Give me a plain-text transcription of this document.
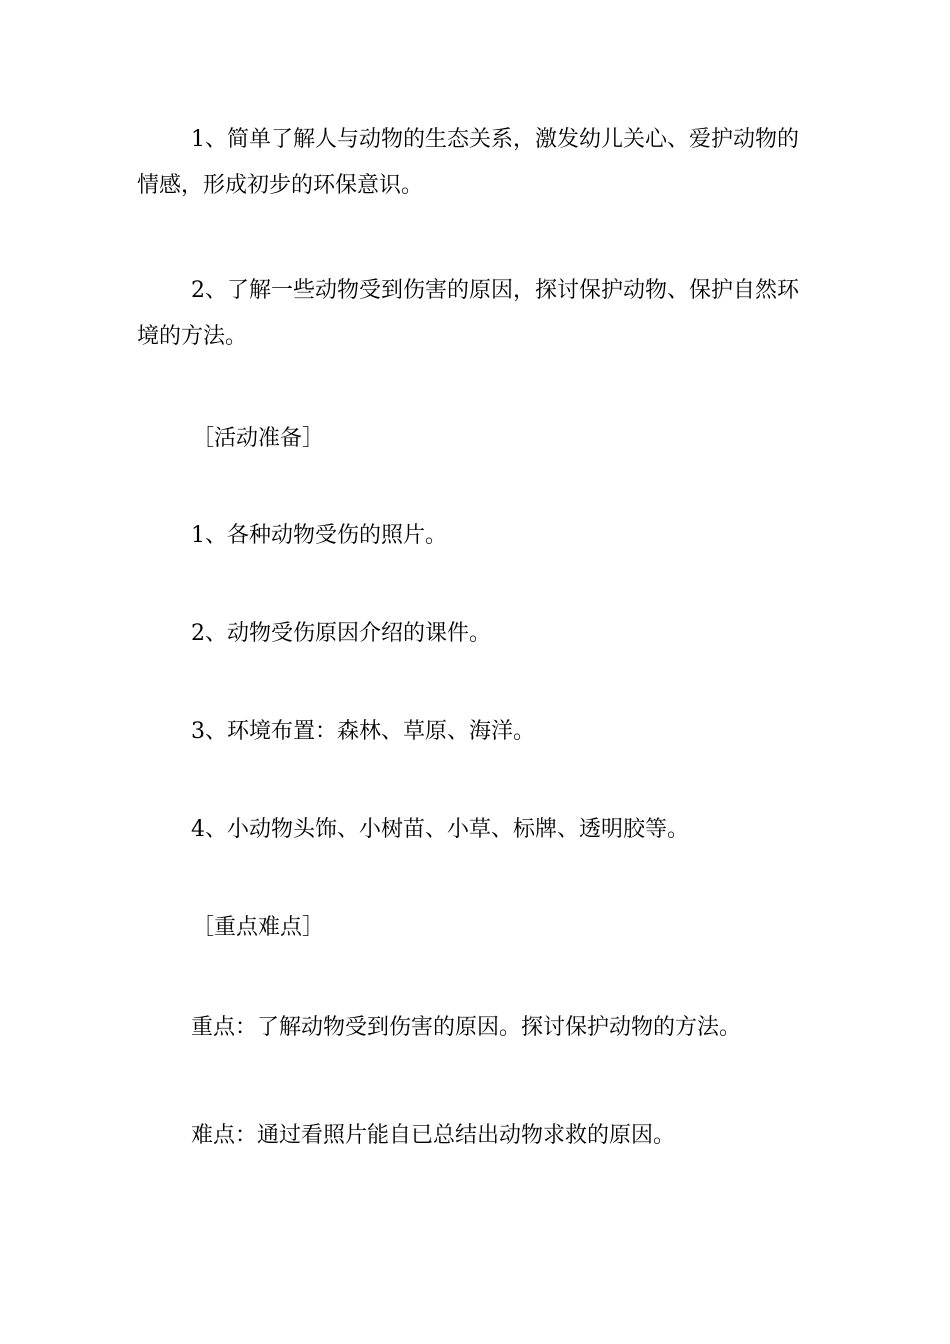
1、简单了解人与动物的生态关系，激发幼儿关心、爱护动物的情感，形成初步的环保意识。

2、了解一些动物受到伤害的原因，探讨保护动物、保护自然环境的方法。

［活动准备］

1、各种动物受伤的照片。

2、动物受伤原因介绍的课件。

3、环境布置：森林、草原、海洋。

4、小动物头饰、小树苗、小草、标牌、透明胶等。

［重点难点］

重点：了解动物受到伤害的原因。探讨保护动物的方法。

难点：通过看照片能自已总结出动物求救的原因。
